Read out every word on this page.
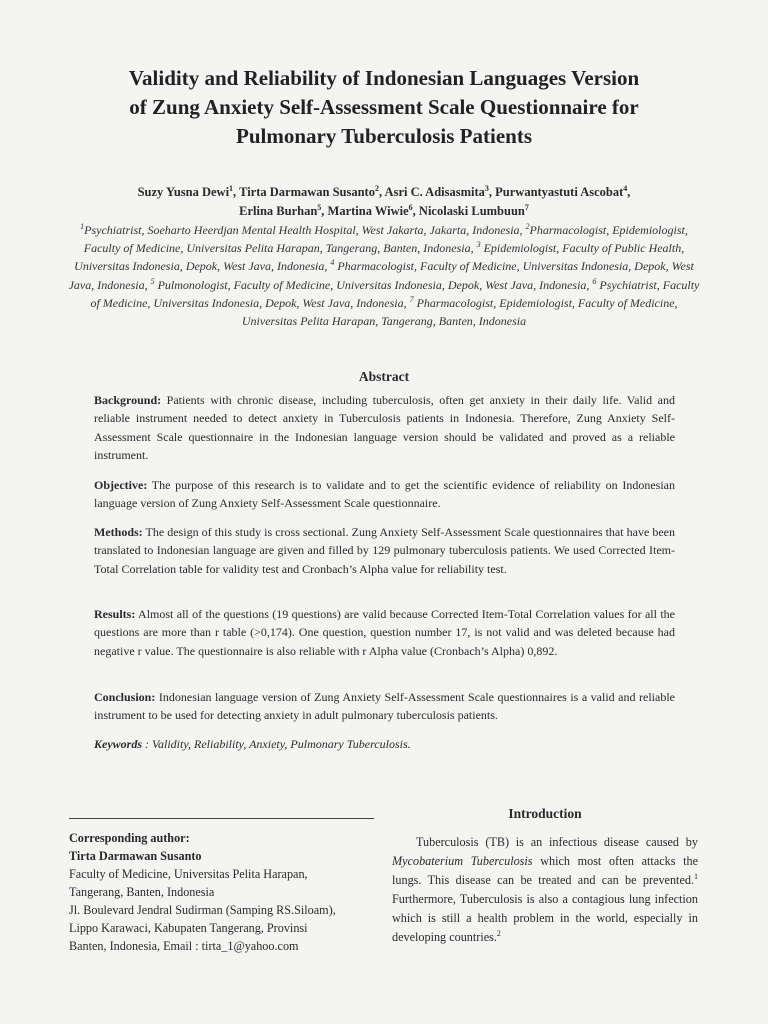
Validity and Reliability of Indonesian Languages Version
of Zung Anxiety Self-Assessment Scale Questionnaire for
Pulmonary Tuberculosis Patients
Suzy Yusna Dewi$^1$, Tirta Darmawan Susanto$^2$, Asri C. Adisasmita$^3$, Purwantyastuti Ascobat$^4$,
Erlina Burhan$^5$, Martina Wiwie$^6$, Nicolaski Lumbuun$^7$
$^1$Psychiatrist, Soeharto Heerdjan Mental Health Hospital, West Jakarta, Jakarta, Indonesia, $^2$Pharmacologist, Epidemiologist, Faculty of Medicine, Universitas Pelita Harapan, Tangerang, Banten, Indonesia, $^3$ Epidemiologist, Faculty of Public Health, Universitas Indonesia, Depok, West Java, Indonesia, $^4$ Pharmacologist, Faculty of Medicine, Universitas Indonesia, Depok, West Java, Indonesia, $^5$ Pulmonologist, Faculty of Medicine, Universitas Indonesia, Depok, West Java, Indonesia, $^6$ Psychiatrist, Faculty of Medicine, Universitas Indonesia, Depok, West Java, Indonesia, $^7$ Pharmacologist, Epidemiologist, Faculty of Medicine, Universitas Pelita Harapan, Tangerang, Banten, Indonesia
Abstract

Background: Patients with chronic disease, including tuberculosis, often get anxiety in their daily life. Valid and reliable instrument needed to detect anxiety in Tuberculosis patients in Indonesia. Therefore, Zung Anxiety Self-Assessment Scale questionnaire in the Indonesian language version should be validated and proved as a reliable instrument.

Objective: The purpose of this research is to validate and to get the scientific evidence of reliability on Indonesian language version of Zung Anxiety Self-Assessment Scale questionnaire.

Methods: The design of this study is cross sectional. Zung Anxiety Self-Assessment Scale questionnaires that have been translated to Indonesian language are given and filled by 129 pulmonary tuberculosis patients. We used Corrected Item-Total Correlation table for validity test and Cronbach’s Alpha value for reliability test.

Results: Almost all of the questions (19 questions) are valid because Corrected Item-Total Correlation values for all the questions are more than r table (>0,174). One question, question number 17, is not valid and was deleted because had negative r value. The questionnaire is also reliable with r Alpha value (Cronbach’s Alpha) 0,892.

Conclusion: Indonesian language version of Zung Anxiety Self-Assessment Scale questionnaires is a valid and reliable instrument to be used for detecting anxiety in adult pulmonary tuberculosis patients.

Keywords : Validity, Reliability, Anxiety, Pulmonary Tuberculosis.

Corresponding author:
Tirta Darmawan Susanto
Faculty of Medicine, Universitas Pelita Harapan,
Tangerang, Banten, Indonesia
Jl. Boulevard Jendral Sudirman (Samping RS.Siloam),
Lippo Karawaci, Kabupaten Tangerang, Provinsi
Banten, Indonesia, Email : tirta_1@yahoo.com
Introduction

Tuberculosis (TB) is an infectious disease caused by Mycobaterium Tuberculosis which most often attacks the lungs. This disease can be treated and can be prevented.$^1$ Furthermore, Tuberculosis is also a contagious lung infection which is still a health problem in the world, especially in developing countries.$^2$
